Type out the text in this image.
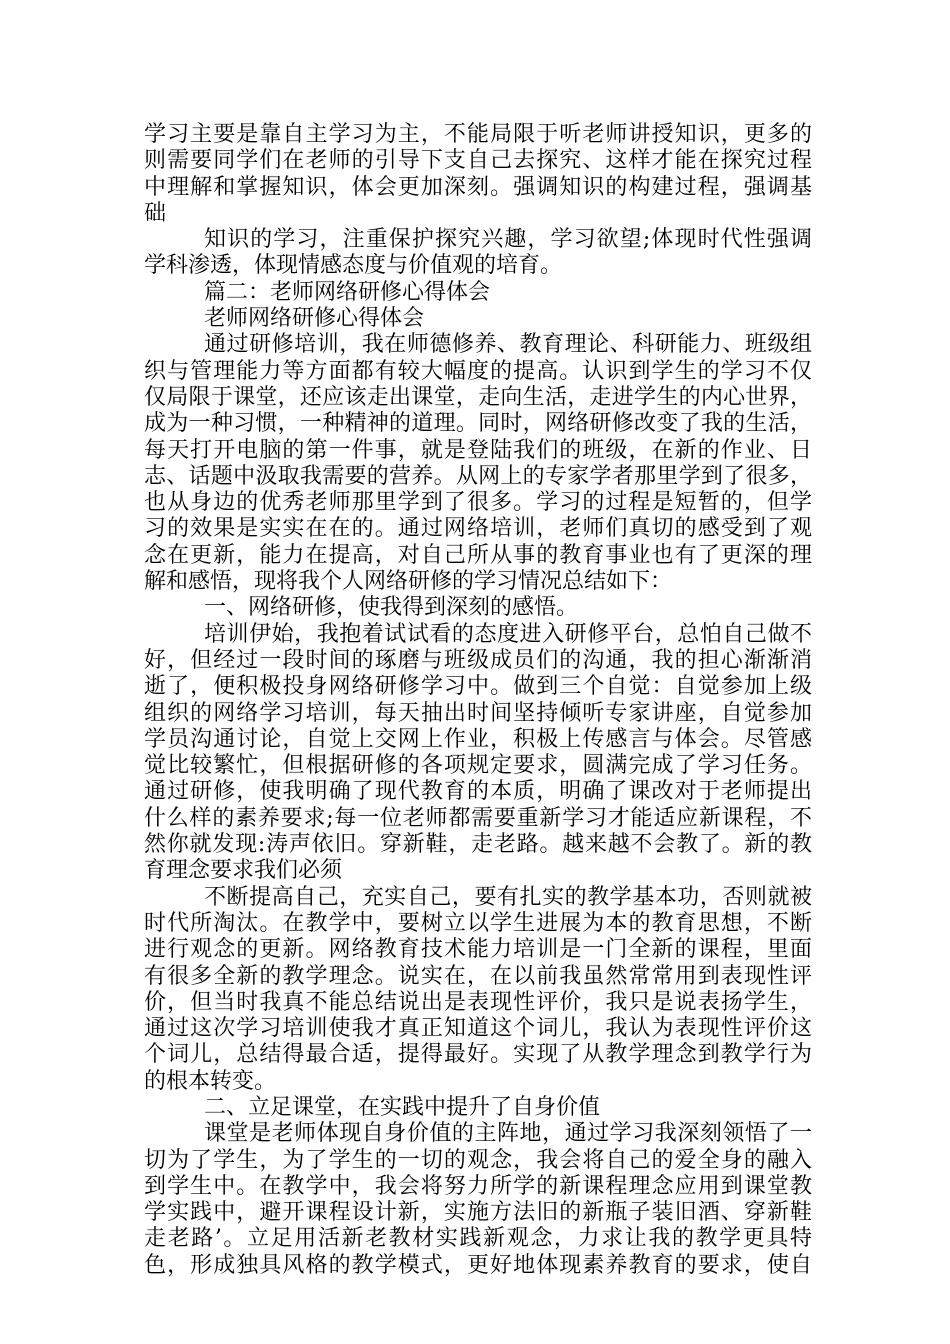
学习主要是靠自主学习为主，不能局限于听老师讲授知识，更多的
则需要同学们在老师的引导下支自己去探究、这样才能在探究过程
中理解和掌握知识，体会更加深刻。强调知识的构建过程，强调基
础
知识的学习，注重保护探究兴趣，学习欲望;体现时代性强调
学科渗透，体现情感态度与价值观的培育。
篇二：老师网络研修心得体会
老师网络研修心得体会
通过研修培训，我在师德修养、教育理论、科研能力、班级组
织与管理能力等方面都有较大幅度的提高。认识到学生的学习不仅
仅局限于课堂，还应该走出课堂，走向生活，走进学生的内心世界，
成为一种习惯，一种精神的道理。同时，网络研修改变了我的生活，
每天打开电脑的第一件事，就是登陆我们的班级，在新的作业、日
志、话题中汲取我需要的营养。从网上的专家学者那里学到了很多，
也从身边的优秀老师那里学到了很多。学习的过程是短暂的，但学
习的效果是实实在在的。通过网络培训，老师们真切的感受到了观
念在更新，能力在提高，对自己所从事的教育事业也有了更深的理
解和感悟，现将我个人网络研修的学习情况总结如下：
一、网络研修，使我得到深刻的感悟。
培训伊始，我抱着试试看的态度进入研修平台，总怕自己做不
好，但经过一段时间的琢磨与班级成员们的沟通，我的担心渐渐消
逝了，便积极投身网络研修学习中。做到三个自觉：自觉参加上级
组织的网络学习培训，每天抽出时间坚持倾听专家讲座，自觉参加
学员沟通讨论，自觉上交网上作业，积极上传感言与体会。尽管感
觉比较繁忙，但根据研修的各项规定要求，圆满完成了学习任务。
通过研修，使我明确了现代教育的本质，明确了课改对于老师提出
什么样的素养要求;每一位老师都需要重新学习才能适应新课程，不
然你就发现:涛声依旧。穿新鞋，走老路。越来越不会教了。新的教
育理念要求我们必须
不断提高自己，充实自己，要有扎实的教学基本功，否则就被
时代所淘汰。在教学中，要树立以学生进展为本的教育思想，不断
进行观念的更新。网络教育技术能力培训是一门全新的课程，里面
有很多全新的教学理念。说实在，在以前我虽然常常用到表现性评
价，但当时我真不能总结说出是表现性评价，我只是说表扬学生，
通过这次学习培训使我才真正知道这个词儿，我认为表现性评价这
个词儿，总结得最合适，提得最好。实现了从教学理念到教学行为
的根本转变。
二、立足课堂，在实践中提升了自身价值
课堂是老师体现自身价值的主阵地，通过学习我深刻领悟了一
切为了学生，为了学生的一切的观念，我会将自己的爱全身的融入
到学生中。在教学中，我会将努力所学的新课程理念应用到课堂教
学实践中，避开课程设计新，实施方法旧的新瓶子装旧酒、穿新鞋
走老路’。立足用活新老教材实践新观念，力求让我的教学更具特
色，形成独具风格的教学模式，更好地体现素养教育的要求，使自
